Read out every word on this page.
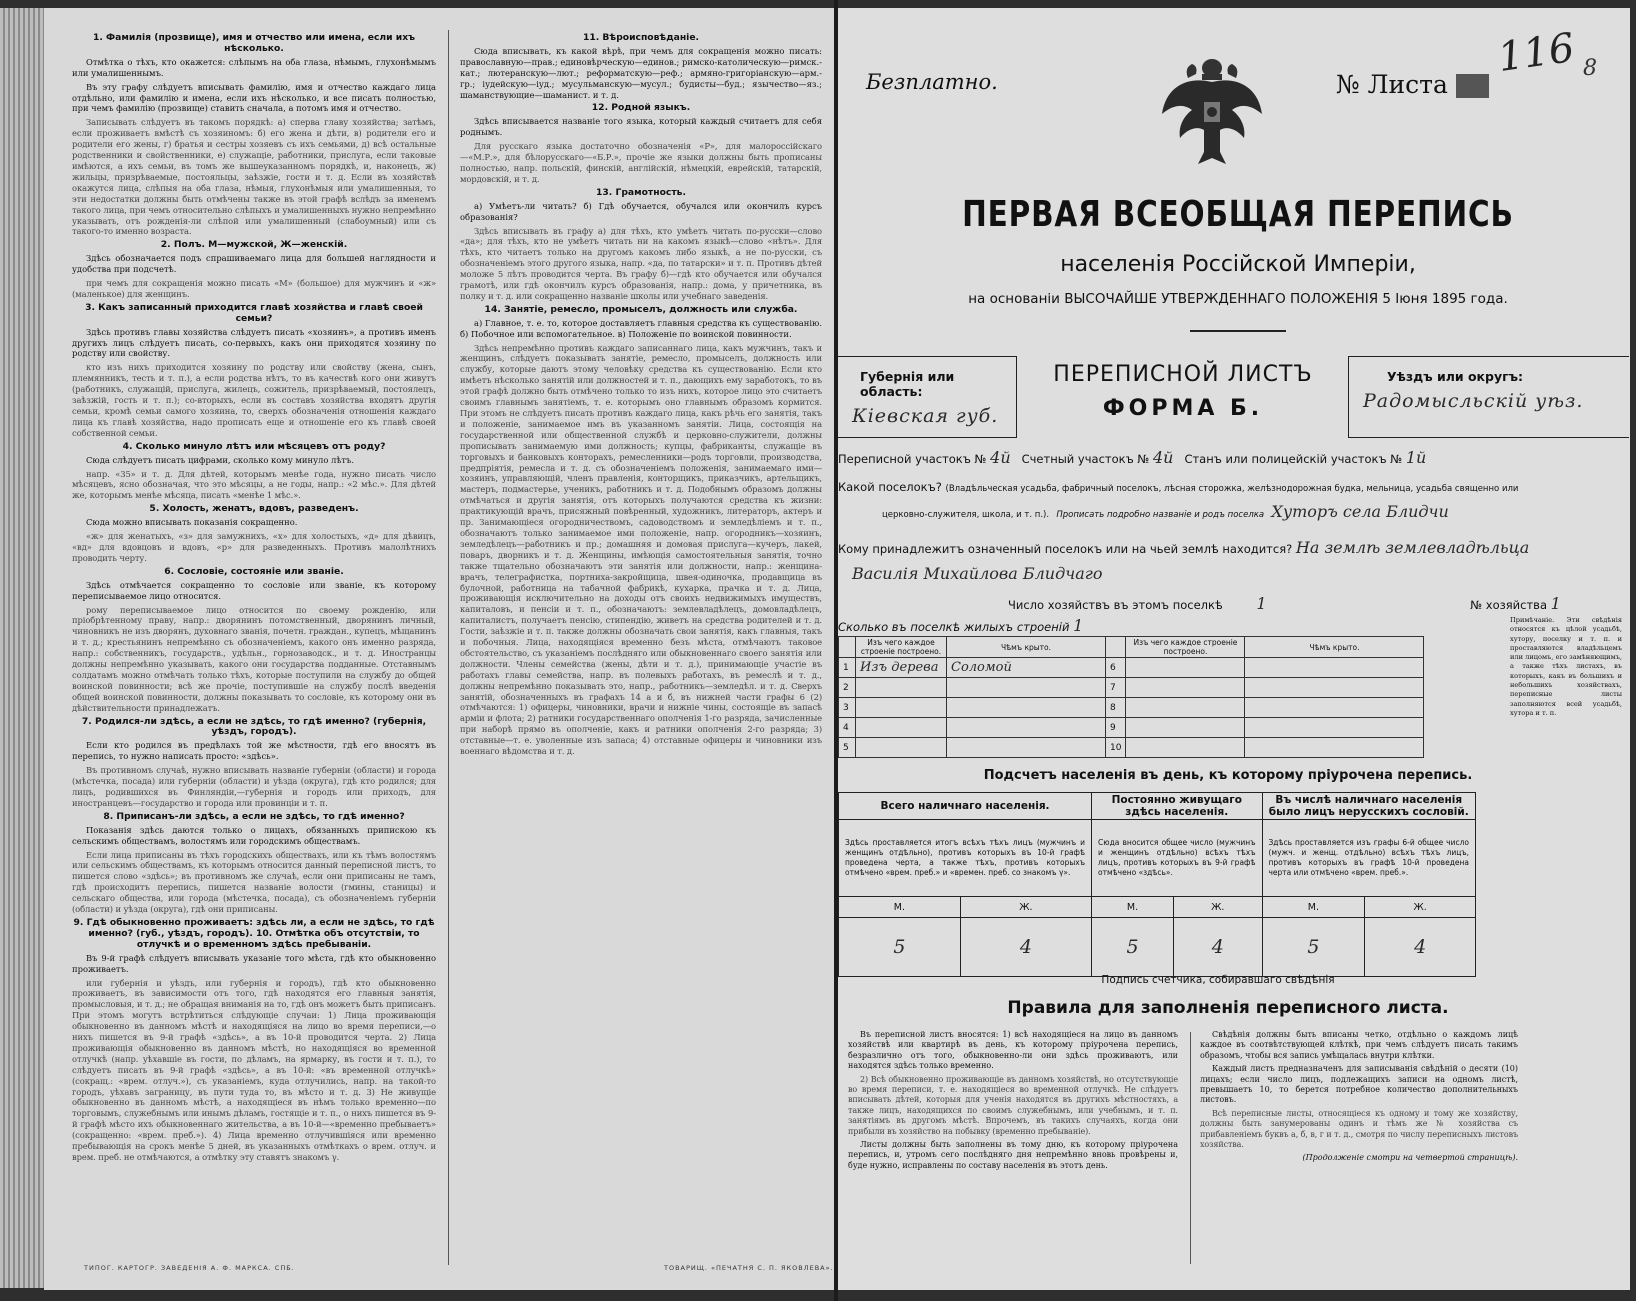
1. Фамилія (прозвище), имя и отчество или имена, если ихъ нѣсколько.

Отмѣтка о тѣхъ, кто окажется: слѣпымъ на оба глаза, нѣмымъ, глухонѣмымъ или умалишеннымъ.

Въ эту графу слѣдуетъ вписывать фамилію, имя и отчество каждаго лица отдѣльно, или фамилію и имена, если ихъ нѣсколько, и все писать полностью, при чемъ фамилію (прозвище) ставить сначала, а потомъ имя и отчество.

Записывать слѣдуетъ въ такомъ порядкѣ: а) сперва главу хозяйства; затѣмъ, если проживаетъ вмѣстѣ съ хозяиномъ: б) его жена и дѣти, в) родители его и родители его жены, г) братья и сестры хозяевъ съ ихъ семьями, д) всѣ остальные родственники и свойственники, е) служащіе, работники, прислуга, если таковые имѣются, а ихъ семьи, въ томъ же вышеуказанномъ порядкѣ, и, наконецъ, ж) жильцы, призрѣваемые, постояльцы, заѣзжіе, гости и т. д. Если въ хозяйствѣ окажутся лица, слѣпыя на оба глаза, нѣмыя, глухонѣмыя или умалишенныя, то эти недостатки должны быть отмѣчены также въ этой графѣ вслѣдъ за именемъ такого лица, при чемъ относительно слѣпыхъ и умалишенныхъ нужно непремѣнно указывать, отъ рожденія-ли слѣпой или умалишенный (слабоумный) или съ такого-то именно возраста.

2. Полъ. М—мужской, Ж—женскій.

Здѣсь обозначается подъ спрашиваемаго лица для большей наглядности и удобства при подсчетѣ.

при чемъ для сокращенія можно писать «М» (большое) для мужчинъ и «ж» (маленькое) для женщинъ.

3. Какъ записанный приходится главѣ хозяйства и главѣ своей семьи?

Здѣсь противъ главы хозяйства слѣдуетъ писать «хозяинъ», а противъ именъ другихъ лицъ слѣдуетъ писать, со-первыхъ, какъ они приходятся хозяину по родству или свойству.

кто изъ нихъ приходится хозяину по родству или свойству (жена, сынъ, племянникъ, тесть и т. п.), а если родства нѣтъ, то въ качествѣ кого они живутъ (работникъ, служащій, прислуга, жилецъ, сожитель, призрѣваемый, постоялецъ, заѣзжій, гость и т. п.); со-вторыхъ, если въ составъ хозяйства входятъ другія семьи, кромѣ семьи самого хозяина, то, сверхъ обозначенія отношенія каждаго лица къ главѣ хозяйства, надо прописать еще и отношеніе его къ главѣ своей собственной семьи.

4. Сколько минуло лѣтъ или мѣсяцевъ отъ роду?

Сюда слѣдуетъ писать цифрами, сколько кому минуло лѣтъ.

напр. «35» и т. д. Для дѣтей, которымъ менѣе года, нужно писать число мѣсяцевъ, ясно обозначая, что это мѣсяцы, а не годы, напр.: «2 мѣс.». Для дѣтей же, которымъ менѣе мѣсяца, писать «менѣе 1 мѣс.».

5. Холость, женатъ, вдовъ, разведенъ.

Сюда можно вписывать показанія сокращенно.

«ж» для женатыхъ, «з» для замужнихъ, «х» для холостыхъ, «д» для дѣвицъ, «вд» для вдовцовъ и вдовъ, «р» для разведенныхъ. Противъ малолѣтнихъ проводить черту.

6. Сословіе, состояніе или званіе.

Здѣсь отмѣчается сокращенно то сословіе или званіе, къ которому переписываемое лицо относится.

рому переписываемое лицо относится по своему рожденію, или пріобрѣтенному праву, напр.: дворянинъ потомственный, дворянинъ личный, чиновникъ не изъ дворянъ, духовнаго званія, почетн. граждан., купецъ, мѣщанинъ и т. д.; крестьянинъ непремѣнно съ обозначеніемъ, какого онъ именно разряда, напр.: собственникъ, государств., удѣльн., горнозаводск., и т. д. Иностранцы должны непремѣнно указывать, какого они государства подданные. Отставнымъ солдатамъ можно отмѣчать только тѣхъ, которые поступили на службу до общей воинской повинности; всѣ же прочіе, поступившіе на службу послѣ введенія общей воинской повинности, должны показывать то сословіе, къ которому они въ дѣйствительности принадлежатъ.

7. Родился-ли здѣсь, а если не здѣсь, то гдѣ именно? (губернія, уѣздъ, городъ).

Если кто родился въ предѣлахъ той же мѣстности, гдѣ его вносятъ въ перепись, то нужно написать просто: «здѣсь».

Въ противномъ случаѣ, нужно вписывать названіе губерніи (области) и города (мѣстечка, посада) или губерніи (области) и уѣзда (округа), гдѣ кто родился; для лицъ, родившихся въ Финляндіи,—губернія и городъ или приходъ, для иностранцевъ—государство и города или провинціи и т. п.

8. Приписанъ-ли здѣсь, а если не здѣсь, то гдѣ именно?

Показанія здѣсь даются только о лицахъ, обязанныхъ припискою къ сельскимъ обществамъ, волостямъ или городскимъ обществамъ.

Если лица приписаны въ тѣхъ городскихъ обществахъ, или къ тѣмъ волостямъ или сельскимъ обществамъ, къ которымъ относится данный переписной листъ, то пишется слово «здѣсь»; въ противномъ же случаѣ, если они приписаны не тамъ, гдѣ происходитъ перепись, пишется названіе волости (гмины, станицы) и сельскаго общества, или города (мѣстечка, посада), съ обозначеніемъ губерніи (области) и уѣзда (округа), гдѣ они приписаны.

9. Гдѣ обыкновенно проживаетъ: здѣсь ли, а если не здѣсь, то гдѣ именно? (губ., уѣздъ, городъ). 10. Отмѣтка объ отсутствіи, то отлучкѣ и о временномъ здѣсь пребываніи.

Въ 9-й графѣ слѣдуетъ вписывать указаніе того мѣста, гдѣ кто обыкновенно проживаетъ.

или губернія и уѣздъ, или губернія и городъ), гдѣ кто обыкновенно проживаетъ, въ зависимости отъ того, гдѣ находятся его главныя занятія, промысловыя, и т. д.; не обращая вниманія на то, гдѣ онъ можетъ быть приписанъ. При этомъ могутъ встрѣтиться слѣдующіе случаи: 1) Лица проживающія обыкновенно въ данномъ мѣстѣ и находящіяся на лицо во время переписи,—о нихъ пишется въ 9-й графѣ «здѣсь», а въ 10-й проводится черта. 2) Лица проживающія обыкновенно въ данномъ мѣстѣ, но находящіяся во временной отлучкѣ (напр. уѣхавшіе въ гости, по дѣламъ, на ярмарку, въ гости и т. п.), то слѣдуетъ писать въ 9-й графѣ «здѣсь», а въ 10-й: «въ временной отлучкѣ» (сокращ.: «врем. отлуч.»), съ указаніемъ, куда отлучились, напр. на такой-то городъ, уѣхавъ заграницу, въ пути туда то, въ мѣсто и т. д. 3) Не живущіе обыкновенно въ данномъ мѣстѣ, а находящіеся въ нѣмъ только временно—по торговымъ, служебнымъ или инымъ дѣламъ, гостящіе и т. п., о нихъ пишется въ 9-й графѣ мѣсто ихъ обыкновеннаго жительства, а въ 10-й—«временно пребываетъ» (сокращенно: «врем. преб.»). 4) Лица временно отлучившіяся или временно пребывающія на срокъ менѣе 5 дней, въ указанныхъ отмѣткахъ о врем. отлуч. и врем. преб. не отмѣчаются, а отмѣтку эту ставятъ знакомъ γ.

11. Вѣроисповѣданіе.

Сюда вписывать, къ какой вѣрѣ, при чемъ для сокращенія можно писать: православную—прав.; единовѣрческую—единов.; римско-католическую—римск.-кат.; лютеранскую—лют.; реформатскую—реф.; армяно-григоріанскую—арм.-гр.; іудейскую—іуд.; мусульманскую—мусул.; будисты—буд.; язычество—яз.; шаманствующие—шаманист. и т. д.

12. Родной языкъ.

Здѣсь вписывается названіе того языка, который каждый считаетъ для себя роднымъ.

Для русскаго языка достаточно обозначенія «Р», для малороссійскаго—«М.Р.», для бѣлорусскаго—«Б.Р.», прочіе же языки должны быть прописаны полностью, напр. польскій, финскій, англійскій, нѣмецкій, еврейскій, татарскій, мордовскій, и т. д.

13. Грамотность.

а) Умѣетъ-ли читать? б) Гдѣ обучается, обучался или окончилъ курсъ образованія?

Здѣсь вписывать въ графу а) для тѣхъ, кто умѣетъ читать по-русски—слово «да»; для тѣхъ, кто не умѣетъ читать ни на какомъ языкѣ—слово «нѣтъ». Для тѣхъ, кто читаетъ только на другомъ какомъ либо языкѣ, а не по-русски, съ обозначеніемъ этого другого языка, напр. «да, по татарски» и т. п. Противъ дѣтей моложе 5 лѣтъ проводится черта. Въ графу б)—гдѣ кто обучается или обучался грамотѣ, или гдѣ окончилъ курсъ образованія, напр.: дома, у причетника, въ полку и т. д. или сокращенно названіе школы или учебнаго заведенія.

14. Занятіе, ремесло, промыселъ, должность или служба.

а) Главное, т. е. то, которое доставляетъ главныя средства къ существованію. б) Побочное или вспомогательное. в) Положеніе по воинской повинности.

Здѣсь непремѣнно противъ каждаго записаннаго лица, какъ мужчинъ, такъ и женщинъ, слѣдуетъ показывать занятіе, ремесло, промыселъ, должность или службу, которые даютъ этому человѣку средства къ существованію. Если кто имѣетъ нѣсколько занятій или должностей и т. п., дающихъ ему заработокъ, то въ этой графѣ должно быть отмѣчено только то изъ нихъ, которое лицо это считаетъ своимъ главнымъ занятіемъ, т. е. которымъ оно главнымъ образомъ кормится. При этомъ не слѣдуетъ писать противъ каждаго лица, какъ рѣчь его занятія, такъ и положеніе, занимаемое имъ въ указанномъ занятіи. Лица, состоящія на государственной или общественной службѣ и церковно-служители, должны прописывать занимаемую ими должность; купцы, фабриканты, служащіе въ торговыхъ и банковыхъ конторахъ, ремесленники—родъ торговли, производства, предпріятія, ремесла и т. д. съ обозначеніемъ положенія, занимаемаго ими—хозяинъ, управляющій, членъ правленія, конторщикъ, приказчикъ, артельщикъ, мастеръ, подмастерье, ученикъ, работникъ и т. д. Подобнымъ образомъ должны отмѣчаться и другія занятія, отъ которыхъ получаются средства къ жизни: практикующій врачъ, присяжный повѣренный, художникъ, литераторъ, актеръ и пр. Занимающіеся огородничествомъ, садоводствомъ и земледѣліемъ и т. п., обозначаютъ только занимаемое ими положеніе, напр. огородникъ—хозяинъ, земледѣлецъ—работникъ и пр.; домашняя и домовая прислуга—кучеръ, лакей, поваръ, дворникъ и т. д. Женщины, имѣющія самостоятельныя занятія, точно также тщательно обозначаютъ эти занятія или должности, напр.: женщина-врачъ, телеграфистка, портниха-закройщица, швея-одиночка, продавщица въ булочной, работница на табачной фабрикѣ, кухарка, прачка и т. д. Лица, проживающія исключительно на доходы отъ своихъ недвижимыхъ имуществъ, капиталовъ, и пенсіи и т. п., обозначаютъ: землевладѣлецъ, домовладѣлецъ, капиталистъ, получаетъ пенсію, стипендію, живетъ на средства родителей и т. д. Гости, заѣзжіе и т. п. также должны обозначать свои занятія, какъ главныя, такъ и побочныя. Лица, находящіяся временно безъ мѣста, отмѣчаютъ таковое обстоятельство, съ указаніемъ послѣдняго или обыкновеннаго своего занятія или должности. Члены семейства (жены, дѣти и т. д.), принимающіе участіе въ работахъ главы семейства, напр. въ полевыхъ работахъ, въ ремеслѣ и т. д., должны непремѣнно показывать это, напр., работникъ—земледѣл. и т. д. Сверхъ занятій, обозначенныхъ въ графахъ 14 а и б, въ нижней части графы 6 (2) отмѣчаются: 1) офицеры, чиновники, врачи и нижніе чины, состоящіе въ запасѣ арміи и флота; 2) ратники государственнаго ополченія 1-го разряда, зачисленные при наборѣ прямо въ ополченіе, какъ и ратники ополченія 2-го разряда; 3) отставные—т. е. уволенные изъ запаса; 4) отставные офицеры и чиновники изъ военнаго вѣдомства и т. д.

ТИПОГ. КАРТОГР. ЗАВЕДЕНІЯ А. Ф. МАРКСА. СПБ.	ТОВАРИЩ. «ПЕЧАТНЯ С. П. ЯКОВЛЕВА».
Безплатно.	№ Листа 12
116 8
ПЕРВАЯ ВСЕОБЩАЯ ПЕРЕПИСЬ
населенія Россійской Имперіи,
на основаніи ВЫСОЧАЙШЕ УТВЕРЖДЕННАГО ПОЛОЖЕНІЯ 5 Іюня 1895 года.
Губернія или область:
Кіевская губ.
ПЕРЕПИСНОЙ ЛИСТЪ
ФОРМА Б.
Уѣздъ или округъ:
Радомысльскій уѣз.
Переписной участокъ № 4й Счетный участокъ № 4й Станъ или полицейскій участокъ № 1й
Какой поселокъ? (Владѣльческая усадьба, фабричный поселокъ, лѣсная сторожка, желѣзнодорожная будка, мельница, усадьба священно или
церковно-служителя, школа, и т. п.). Прописать подробно названіе и родъ поселка Хуторъ села Блидчи
Кому принадлежитъ означенный поселокъ или на чьей землѣ находится? На землѣ землевладѣльца
Василія Михайлова Блидчаго
Число хозяйствъ въ этомъ поселкѣ 1	№ хозяйства 1
Сколько въ поселкѣ жилыхъ строеній 1
	Изъ чего каждое строеніе построено.	Чѣмъ крыто.		Изъ чего каждое строеніе построено.	Чѣмъ крыто.
1	Изъ дерева	Соломой	6		
2			7		
3			8		
4			9		
5			10		
Примѣчаніе. Эти свѣдѣнія относятся къ цѣлой усадьбѣ, хутору, поселку и т. п. и проставляются владѣльцемъ или лицомъ, его замѣняющимъ, а также тѣхъ листахъ, въ которыхъ, какъ въ большихъ и небольшихъ хозяйствахъ, переписные листы заполняются всей усадьбѣ, хутора и т. п.
Подсчетъ населенія въ день, къ которому пріурочена перепись.
Всего наличнаго населенія.		Постоянно живущаго здѣсь населенія.		Въ числѣ наличнаго населенія было лицъ нерусскихъ сословій.	
Здѣсь проставляется итогъ всѣхъ тѣхъ лицъ (мужчинъ и женщинъ отдѣльно), противъ которыхъ въ 10-й графѣ проведена черта, а также тѣхъ, противъ которыхъ отмѣчено «врем. преб.» и «времен. преб. со знакомъ γ».		Сюда вносится общее число (мужчинъ и женщинъ отдѣльно) всѣхъ тѣхъ лицъ, противъ которыхъ въ 9-й графѣ отмѣчено «здѣсь».		Здѣсь проставляется изъ графы 6-й общее число (мужч. и женщ. отдѣльно) всѣхъ тѣхъ лицъ, противъ которыхъ въ графѣ 10-й проведена черта или отмѣчено «врем. преб.».	
М.	Ж.	М.	Ж.	М.	Ж.
5	4	5	4	5	4
Подпись счетчика, собиравшаго свѣдѣнія
Правила для заполненія переписного листа.

Въ переписной листъ вносятся: 1) всѣ находящіеся на лицо въ данномъ хозяйствѣ или квартирѣ въ день, къ которому пріурочена перепись, безразлично отъ того, обыкновенно-ли они здѣсь проживаютъ, или находятся здѣсь только временно.

2) Всѣ обыкновенно проживающіе въ данномъ хозяйствѣ, но отсутствующіе во время переписи, т. е. находящіеся во временной отлучкѣ. Не слѣдуетъ вписывать дѣтей, которыя для ученія находятся въ другихъ мѣстностяхъ, а также лицъ, находящихся по своимъ служебнымъ, или учебнымъ, и т. п. занятіямъ въ другомъ мѣстѣ. Впрочемъ, въ такихъ случаяхъ, когда они прибыли въ хозяйство на побывку (временно пребываніе).

Листы должны быть заполнены въ тому дню, къ которому пріурочена перепись, и, утромъ сего послѣдняго дня непремѣнно вновь провѣрены и, буде нужно, исправлены по составу населенія въ этотъ день.

Свѣдѣнія должны быть вписаны четко, отдѣльно о каждомъ лицѣ каждое въ соотвѣтствующей клѣткѣ, при чемъ слѣдуетъ писать такимъ образомъ, чтобы вся запись умѣщалась внутри клѣтки.

Каждый листъ предназначенъ для записыванія свѣдѣній о десяти (10) лицахъ; если число лицъ, подлежащихъ записи на одномъ листѣ, превышаетъ 10, то берется потребное количество дополнительныхъ листовъ.

Всѣ переписные листы, относящіеся къ одному и тому же хозяйству, должны быть занумерованы одинъ и тѣмъ же № хозяйства съ прибавленіемъ буквъ а, б, в, г и т. д., смотря по числу переписныхъ листовъ хозяйства.

(Продолженіе смотри на четвертой страницѣ).
